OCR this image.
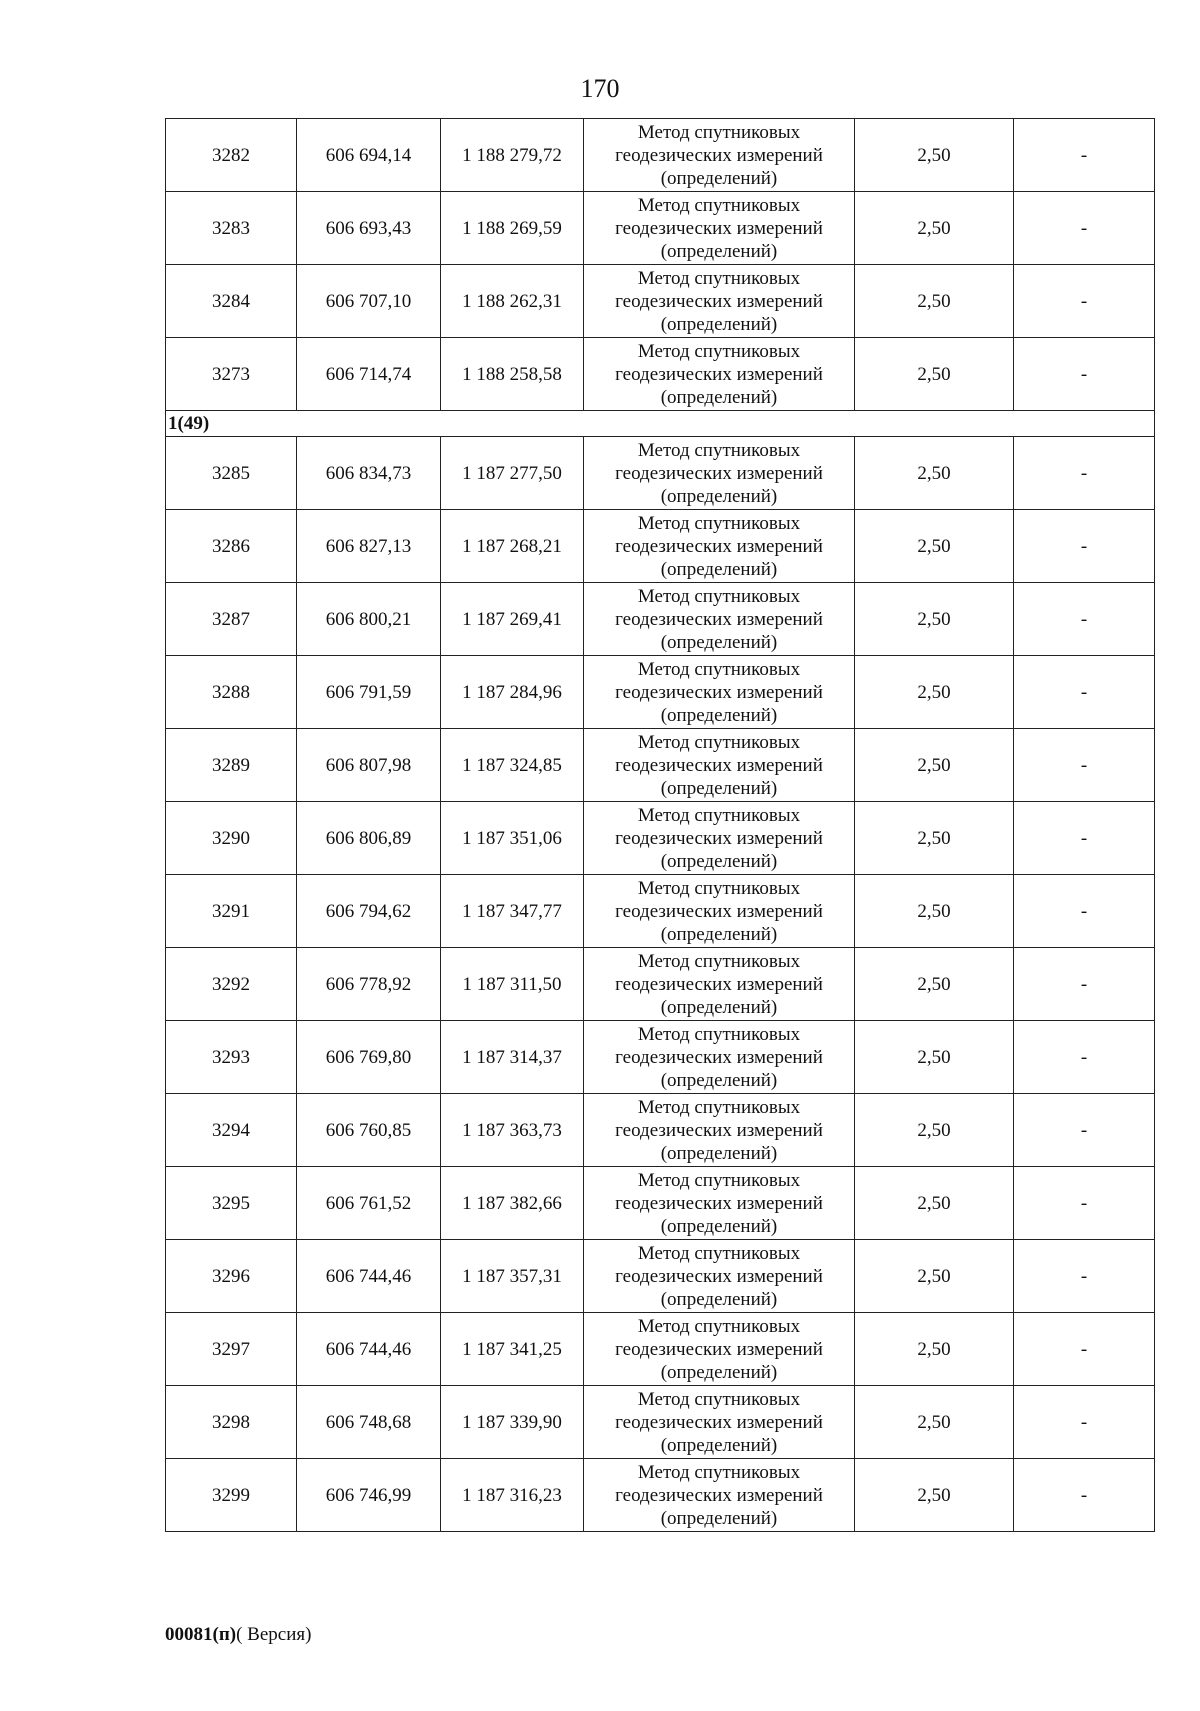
170
3282	606 694,14	1 188 279,72	Метод спутниковых геодезических измерений (определений)	2,50	-
3283	606 693,43	1 188 269,59	Метод спутниковых геодезических измерений (определений)	2,50	-
3284	606 707,10	1 188 262,31	Метод спутниковых геодезических измерений (определений)	2,50	-
3273	606 714,74	1 188 258,58	Метод спутниковых геодезических измерений (определений)	2,50	-
1(49)					
3285	606 834,73	1 187 277,50	Метод спутниковых геодезических измерений (определений)	2,50	-
3286	606 827,13	1 187 268,21	Метод спутниковых геодезических измерений (определений)	2,50	-
3287	606 800,21	1 187 269,41	Метод спутниковых геодезических измерений (определений)	2,50	-
3288	606 791,59	1 187 284,96	Метод спутниковых геодезических измерений (определений)	2,50	-
3289	606 807,98	1 187 324,85	Метод спутниковых геодезических измерений (определений)	2,50	-
3290	606 806,89	1 187 351,06	Метод спутниковых геодезических измерений (определений)	2,50	-
3291	606 794,62	1 187 347,77	Метод спутниковых геодезических измерений (определений)	2,50	-
3292	606 778,92	1 187 311,50	Метод спутниковых геодезических измерений (определений)	2,50	-
3293	606 769,80	1 187 314,37	Метод спутниковых геодезических измерений (определений)	2,50	-
3294	606 760,85	1 187 363,73	Метод спутниковых геодезических измерений (определений)	2,50	-
3295	606 761,52	1 187 382,66	Метод спутниковых геодезических измерений (определений)	2,50	-
3296	606 744,46	1 187 357,31	Метод спутниковых геодезических измерений (определений)	2,50	-
3297	606 744,46	1 187 341,25	Метод спутниковых геодезических измерений (определений)	2,50	-
3298	606 748,68	1 187 339,90	Метод спутниковых геодезических измерений (определений)	2,50	-
3299	606 746,99	1 187 316,23	Метод спутниковых геодезических измерений (определений)	2,50	-
00081(п)( Версия)
